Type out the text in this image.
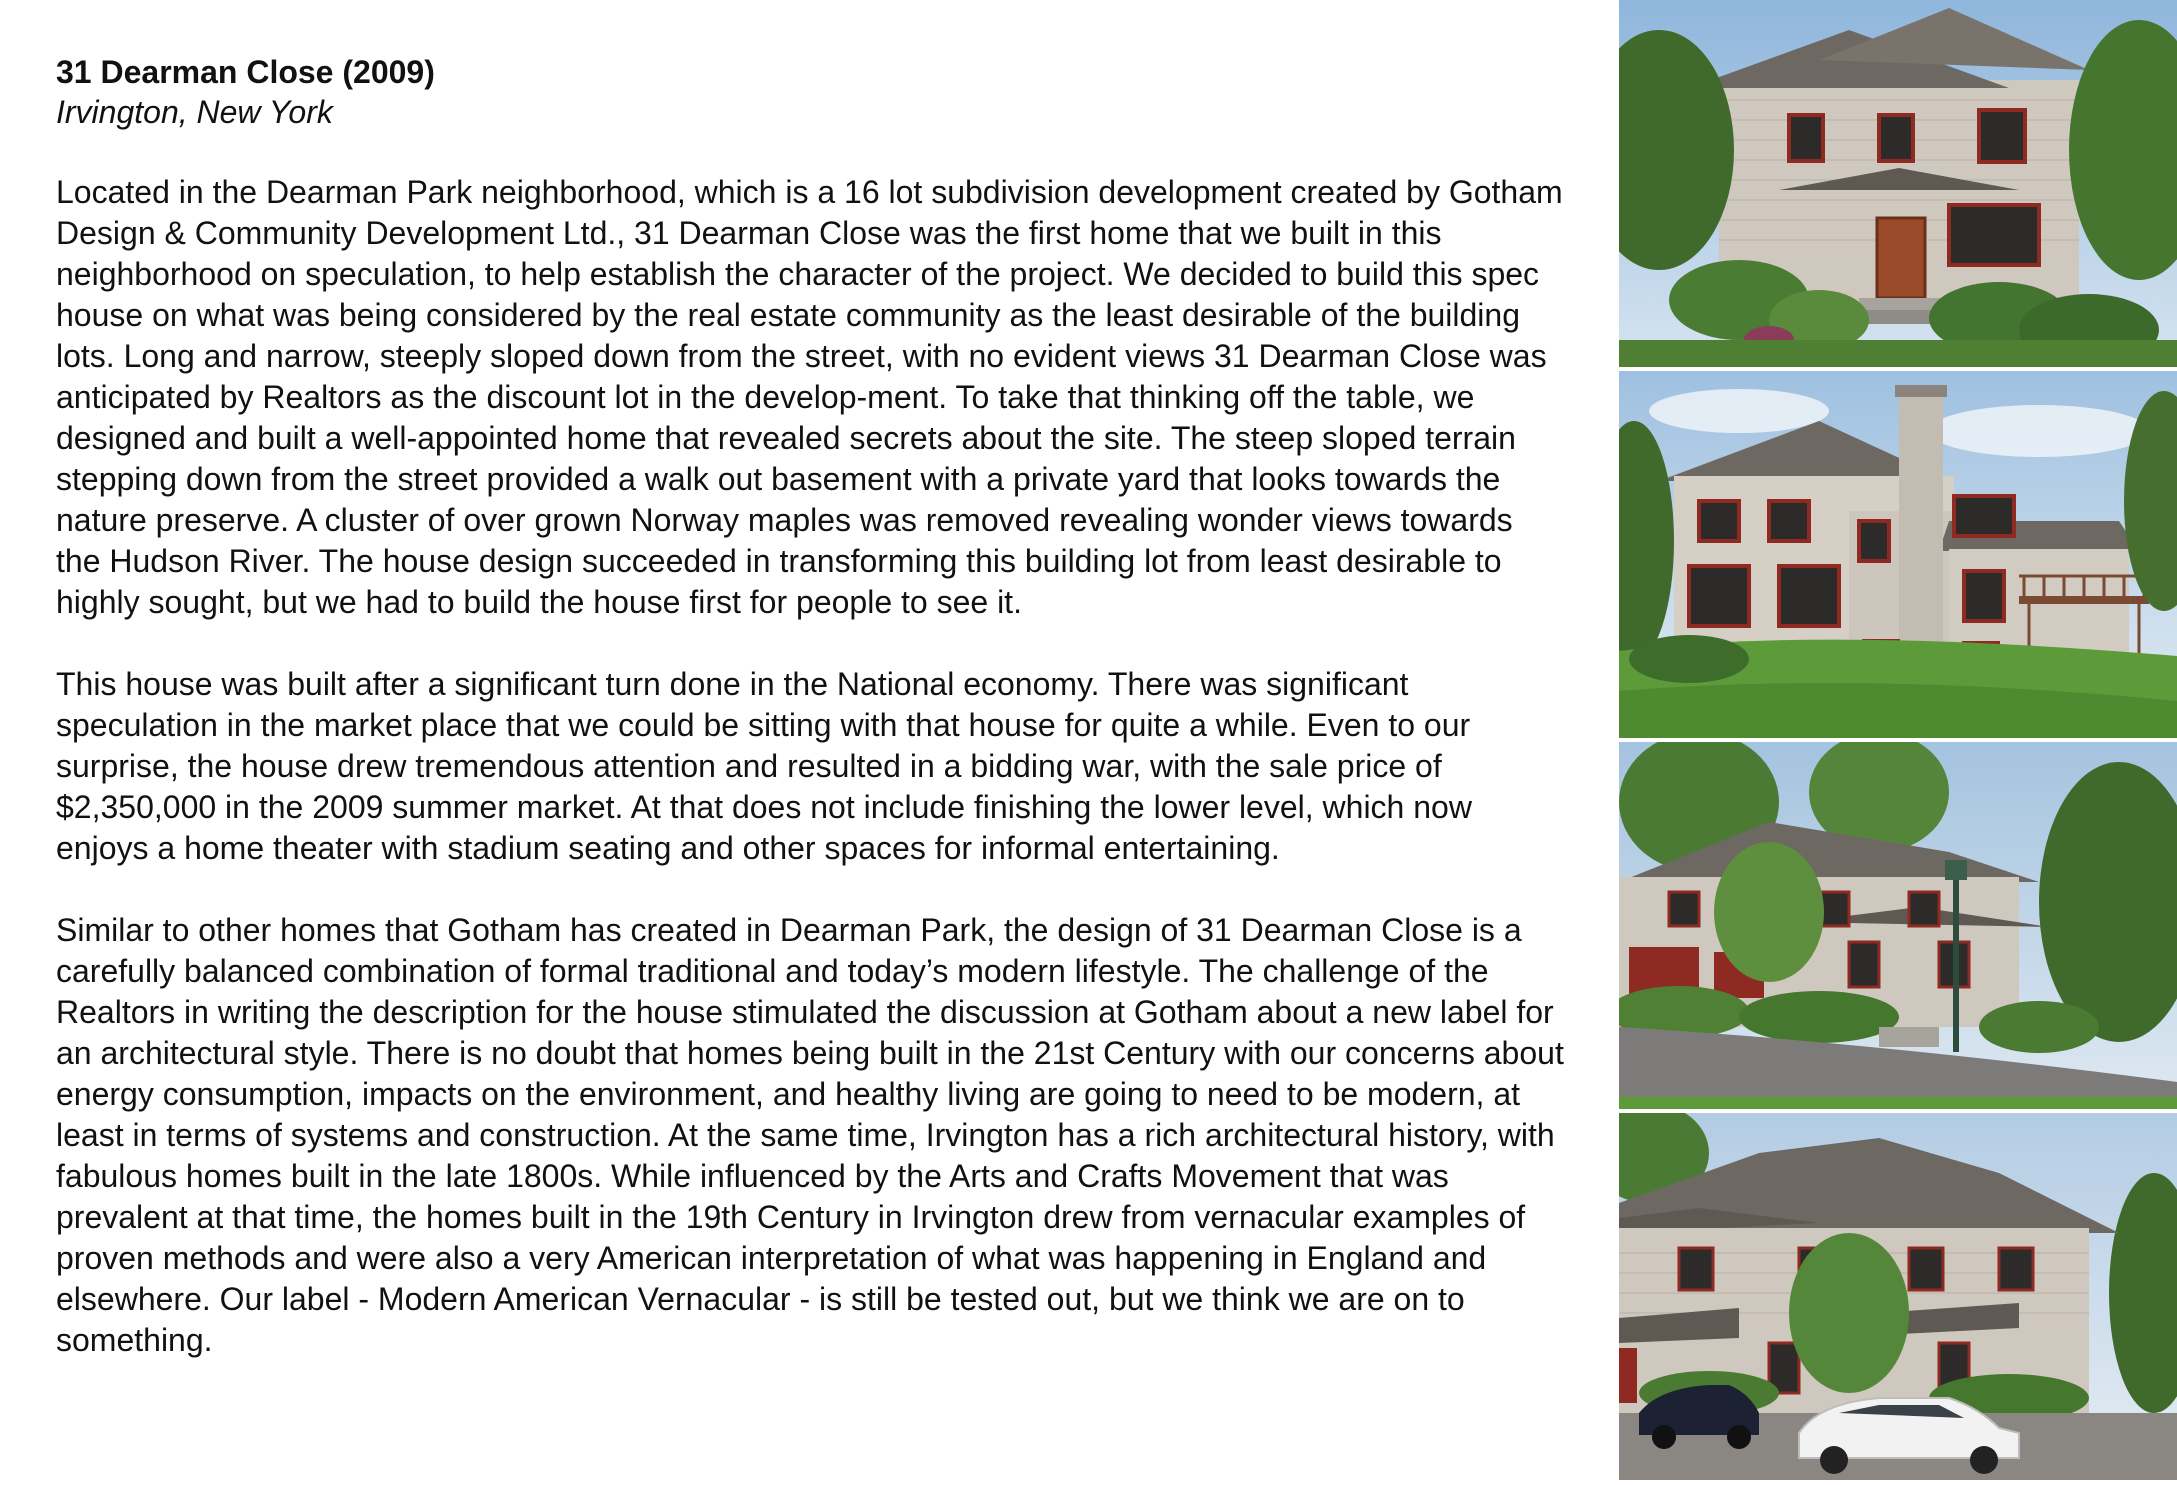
31 Dearman Close (2009)

Irvington, New York

Located in the Dearman Park neighborhood, which is a 16 lot subdivision development created by Gotham Design & Community Development Ltd., 31 Dearman Close was the first home that we built in this neighborhood on speculation, to help establish the character of the project. We decided to build this spec house on what was being considered by the real estate community as the least desirable of the building lots. Long and narrow, steeply sloped down from the street, with no evident views 31 Dearman Close was anticipated by Realtors as the discount lot in the develop-ment. To take that thinking off the table, we designed and built a well-appointed home that revealed secrets about the site. The steep sloped terrain stepping down from the street provided a walk out basement with a private yard that looks towards the nature preserve. A cluster of over grown Norway maples was removed revealing wonder views towards the Hudson River. The house design succeeded in transforming this building lot from least desirable to highly sought, but we had to build the house first for people to see it.

This house was built after a significant turn done in the National economy. There was significant speculation in the market place that we could be sitting with that house for quite a while. Even to our surprise, the house drew tremendous attention and resulted in a bidding war, with the sale price of $2,350,000 in the 2009 summer market. At that does not include finishing the lower level, which now enjoys a home theater with stadium seating and other spaces for informal entertaining.

Similar to other homes that Gotham has created in Dearman Park, the design of 31 Dearman Close is a carefully balanced combination of formal traditional and today’s modern lifestyle. The challenge of the Realtors in writing the description for the house stimulated the discussion at Gotham about a new label for an architectural style. There is no doubt that homes being built in the 21st Century with our concerns about energy consumption, impacts on the environment, and healthy living are going to need to be modern, at least in terms of systems and construction. At the same time, Irvington has a rich architectural history, with fabulous homes built in the late 1800s. While influenced by the Arts and Crafts Movement that was prevalent at that time, the homes built in the 19th Century in Irvington drew from vernacular examples of proven methods and were also a very American interpretation of what was happening in England and elsewhere. Our label - Modern American Vernacular - is still be tested out, but we think we are on to something.
